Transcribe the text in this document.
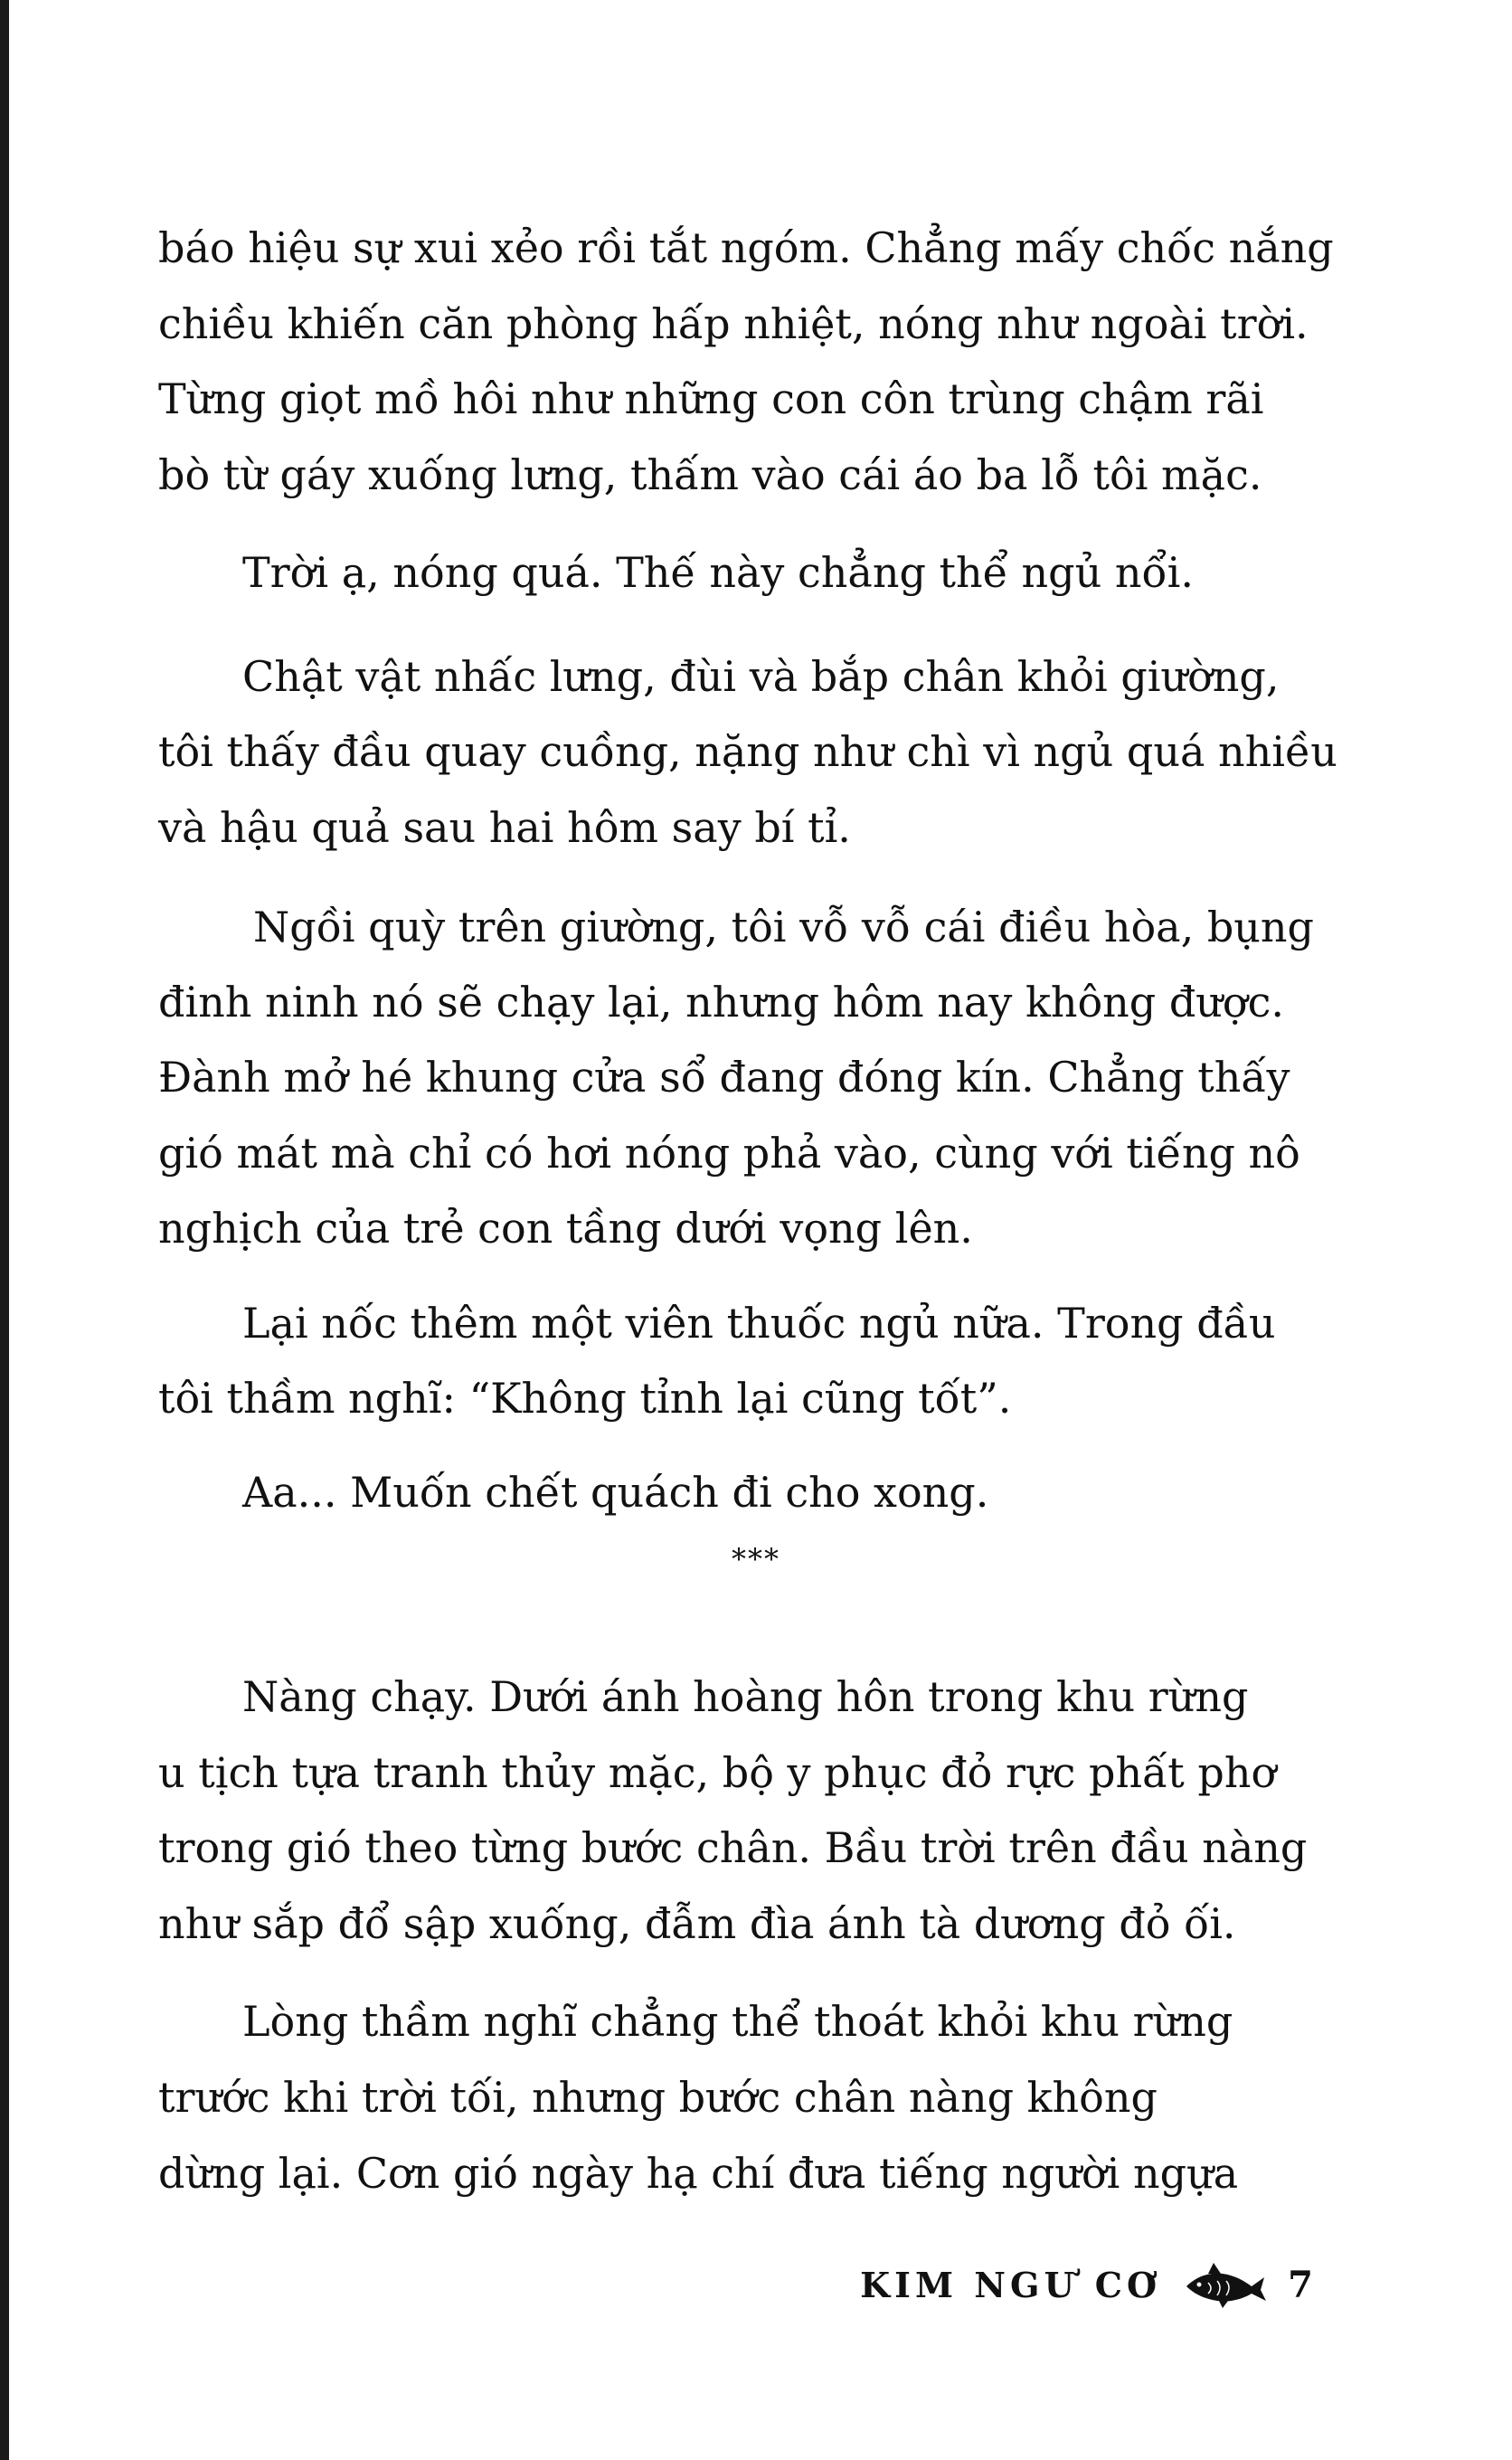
báo hiệu sự xui xẻo rồi tắt ngóm. Chẳng mấy chốc nắng
chiều khiến căn phòng hấp nhiệt, nóng như ngoài trời.
Từng giọt mồ hôi như những con côn trùng chậm rãi
bò từ gáy xuống lưng, thấm vào cái áo ba lỗ tôi mặc.
Trời ạ, nóng quá. Thế này chẳng thể ngủ nổi.
Chật vật nhấc lưng, đùi và bắp chân khỏi giường,
tôi thấy đầu quay cuồng, nặng như chì vì ngủ quá nhiều
và hậu quả sau hai hôm say bí tỉ.
Ngồi quỳ trên giường, tôi vỗ vỗ cái điều hòa, bụng
đinh ninh nó sẽ chạy lại, nhưng hôm nay không được.
Đành mở hé khung cửa sổ đang đóng kín. Chẳng thấy
gió mát mà chỉ có hơi nóng phả vào, cùng với tiếng nô
nghịch của trẻ con tầng dưới vọng lên.
Lại nốc thêm một viên thuốc ngủ nữa. Trong đầu
tôi thầm nghĩ: “Không tỉnh lại cũng tốt”.
Aa... Muốn chết quách đi cho xong.
***
Nàng chạy. Dưới ánh hoàng hôn trong khu rừng
u tịch tựa tranh thủy mặc, bộ y phục đỏ rực phất phơ
trong gió theo từng bước chân. Bầu trời trên đầu nàng
như sắp đổ sập xuống, đẫm đìa ánh tà dương đỏ ối.
Lòng thầm nghĩ chẳng thể thoát khỏi khu rừng
trước khi trời tối, nhưng bước chân nàng không
dừng lại. Cơn gió ngày hạ chí đưa tiếng người ngựa
KIM NGƯ CƠ	7
